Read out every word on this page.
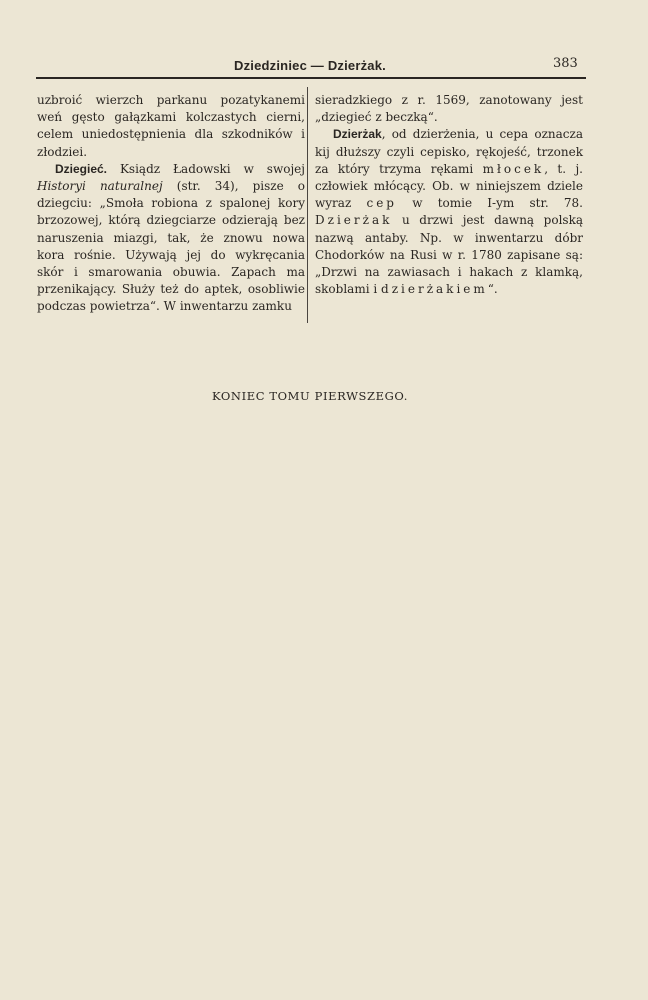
Dziedziniec — Dzierżak.	383

uzbroić wierzch parkanu pozatykanemi weń gęsto gałązkami kolczastych cierni, celem uniedostępnienia dla szkodników i złodziei.

Dziegieć. Ksiądz Ładowski w swojej Historyi naturalnej (str. 34), pisze o dziegciu: „Smoła robiona z spalonej kory brzozowej, którą dziegciarze odzierają bez naruszenia miazgi, tak, że znowu nowa kora rośnie. Używają jej do wykręcania skór i smarowania obuwia. Zapach ma przenikający. Służy też do aptek, osobliwie podczas powietrza“. W inwentarzu zamku

sieradzkiego z r. 1569, zanotowany jest „dziegieć z beczką“.

Dzierżak, od dzierżenia, u cepa oznacza kij dłuższy czyli cepisko, rękojeść, trzonek za który trzyma rękami młocek, t. j. człowiek młócący. Ob. w niniejszem dziele wyraz cep w tomie I-ym str. 78. Dzierżak u drzwi jest dawną polską nazwą antaby. Np. w inwentarzu dóbr Chodorków na Rusi w r. 1780 zapisane są: „Drzwi na zawiasach i hakach z klamką, skoblami i dzierżakiem“.

KONIEC TOMU PIERWSZEGO.
